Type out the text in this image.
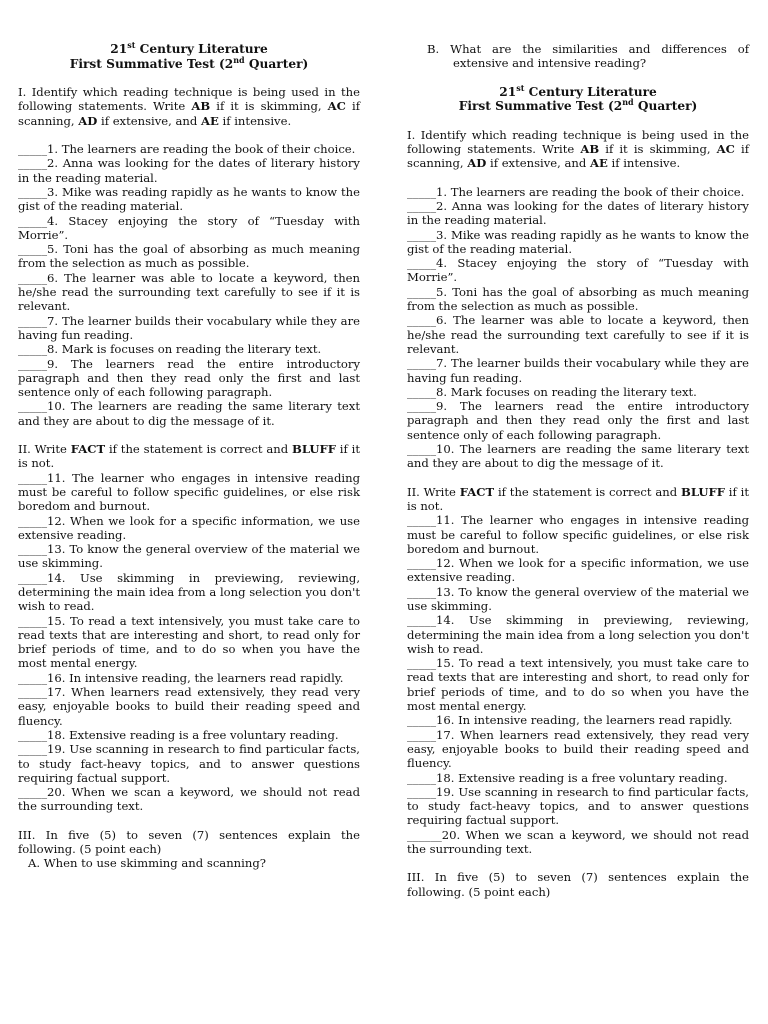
21st Century Literature
First Summative Test (2nd Quarter)

I. Identify which reading technique is being used in the following statements. Write AB if it is skimming, AC if scanning, AD if extensive, and AE if intensive.

_____1. The learners are reading the book of their choice.

_____2. Anna was looking for the dates of literary history in the reading material.

_____3. Mike was reading rapidly as he wants to know the gist of the reading material.

_____4. Stacey enjoying the story of “Tuesday with Morrie”.

_____5. Toni has the goal of absorbing as much meaning from the selection as much as possible.

_____6. The learner was able to locate a keyword, then he/she read the surrounding text carefully to see if it is relevant.

_____7. The learner builds their vocabulary while they are having fun reading.

_____8. Mark is focuses on reading the literary text.

_____9. The learners read the entire introductory paragraph and then they read only the first and last sentence only of each following paragraph.

_____10. The learners are reading the same literary text and they are about to dig the message of it.

II. Write FACT if the statement is correct and BLUFF if it is not.

_____11. The learner who engages in intensive reading must be careful to follow specific guidelines, or else risk boredom and burnout.

_____12. When we look for a specific information, we use extensive reading.

_____13. To know the general overview of the material we use skimming.

_____14. Use skimming in previewing, reviewing, determining the main idea from a long selection you don't wish to read.

_____15. To read a text intensively, you must take care to read texts that are interesting and short, to read only for brief periods of time, and to do so when you have the most mental energy.

_____16. In intensive reading, the learners read rapidly.

_____17. When learners read extensively, they read very easy, enjoyable books to build their reading speed and fluency.

_____18. Extensive reading is a free voluntary reading.

_____19. Use scanning in research to find particular facts, to study fact-heavy topics, and to answer questions requiring factual support.

_____20. When we scan a keyword, we should not read the surrounding text.

III. In five (5) to seven (7) sentences explain the following. (5 point each)

A. When to use skimming and scanning?

B. What are the similarities and differences of extensive and intensive reading?

21st Century Literature
First Summative Test (2nd Quarter)

I. Identify which reading technique is being used in the following statements. Write AB if it is skimming, AC if scanning, AD if extensive, and AE if intensive.

_____1. The learners are reading the book of their choice.

_____2. Anna was looking for the dates of literary history in the reading material.

_____3. Mike was reading rapidly as he wants to know the gist of the reading material.

_____4. Stacey enjoying the story of “Tuesday with Morrie”.

_____5. Toni has the goal of absorbing as much meaning from the selection as much as possible.

_____6. The learner was able to locate a keyword, then he/she read the surrounding text carefully to see if it is relevant.

_____7. The learner builds their vocabulary while they are having fun reading.

_____8. Mark focuses on reading the literary text.

_____9. The learners read the entire introductory paragraph and then they read only the first and last sentence only of each following paragraph.

_____10. The learners are reading the same literary text and they are about to dig the message of it.

II. Write FACT if the statement is correct and BLUFF if it is not.

_____11. The learner who engages in intensive reading must be careful to follow specific guidelines, or else risk boredom and burnout.

_____12. When we look for a specific information, we use extensive reading.

_____13. To know the general overview of the material we use skimming.

_____14. Use skimming in previewing, reviewing, determining the main idea from a long selection you don't wish to read.

_____15. To read a text intensively, you must take care to read texts that are interesting and short, to read only for brief periods of time, and to do so when you have the most mental energy.

_____16. In intensive reading, the learners read rapidly.

_____17. When learners read extensively, they read very easy, enjoyable books to build their reading speed and fluency.

_____18. Extensive reading is a free voluntary reading.

_____19. Use scanning in research to find particular facts, to study fact-heavy topics, and to answer questions requiring factual support.

______20. When we scan a keyword, we should not read the surrounding text.

III. In five (5) to seven (7) sentences explain the following. (5 point each)
